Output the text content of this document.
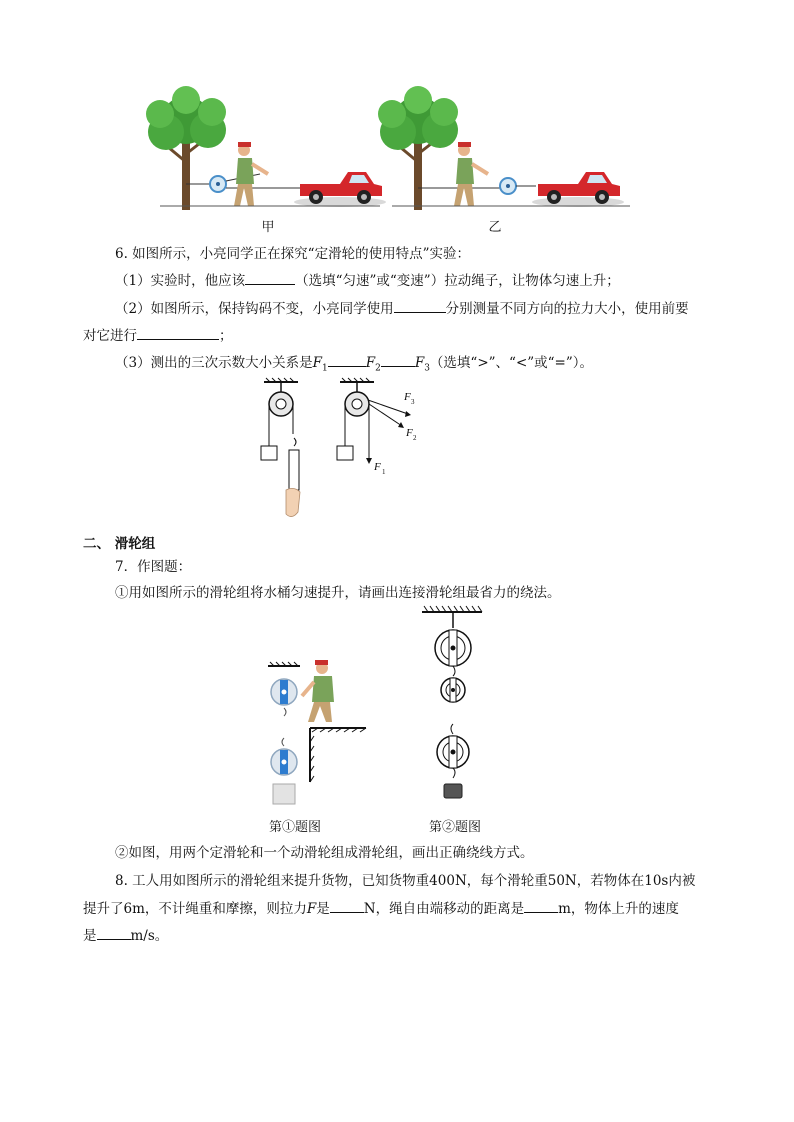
甲	乙
6. 如图所示，小亮同学正在探究“定滑轮的使用特点”实验：
（1）实验时，他应该	（选填“匀速”或“变速”）拉动绳子，让物体匀速上升；
（2）如图所示，保持钩码不变，小亮同学使用	分别测量不同方向的拉力大小，使用前要
对它进行	；
（3）测出的三次示数大小关系是$F_1$	$F_2$	$F_3$（选填“>”、“<”或“=”）。
F 1
F 2
F 3
二、 滑轮组
7．作图题：
①用如图所示的滑轮组将水桶匀速提升，请画出连接滑轮组最省力的绕法。
第①题图	第②题图
②如图，用两个定滑轮和一个动滑轮组成滑轮组，画出正确绕线方式。
8. 工人用如图所示的滑轮组来提升货物，已知货物重400N，每个滑轮重50N，若物体在10s内被
提升了6m，不计绳重和摩擦，则拉力F是	N，绳自由端移动的距离是	m，物体上升的速度
是	m/s。
